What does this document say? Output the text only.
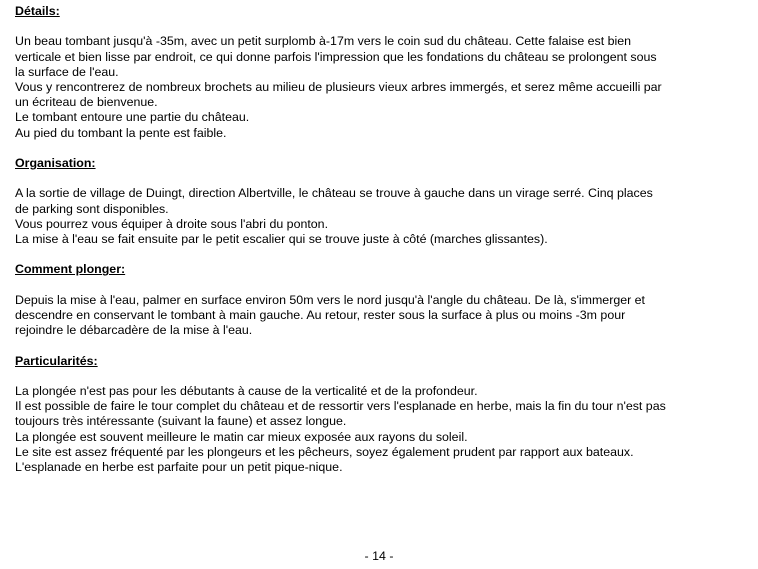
Détails:
Un beau tombant jusqu'à -35m, avec un petit surplomb à-17m vers le coin sud du château. Cette falaise est bien
verticale et bien lisse par endroit, ce qui donne parfois l'impression que les fondations du château se prolongent sous
la surface de l'eau.
Vous y rencontrerez de nombreux brochets au milieu de plusieurs vieux arbres immergés, et serez même accueilli par
un écriteau de bienvenue.
Le tombant entoure une partie du château.
Au pied du tombant la pente est faible.
Organisation:
A la sortie de village de Duingt, direction Albertville, le château se trouve à gauche dans un virage serré. Cinq places
de parking sont disponibles.
Vous pourrez vous équiper à droite sous l'abri du ponton.
La mise à l'eau se fait ensuite par le petit escalier qui se trouve juste à côté (marches glissantes).
Comment plonger:
Depuis la mise à l'eau, palmer en surface environ 50m vers le nord jusqu'à l'angle du château. De là, s'immerger et
descendre en conservant le tombant à main gauche. Au retour, rester sous la surface à plus ou moins -3m pour
rejoindre le débarcadère de la mise à l'eau.
Particularités:
La plongée n'est pas pour les débutants à cause de la verticalité et de la profondeur.
Il est possible de faire le tour complet du château et de ressortir vers l'esplanade en herbe, mais la fin du tour n'est pas
toujours très intéressante (suivant la faune) et assez longue.
La plongée est souvent meilleure le matin car mieux exposée aux rayons du soleil.
Le site est assez fréquenté par les plongeurs et les pêcheurs, soyez également prudent par rapport aux bateaux.
L'esplanade en herbe est parfaite pour un petit pique-nique.
- 14 -
